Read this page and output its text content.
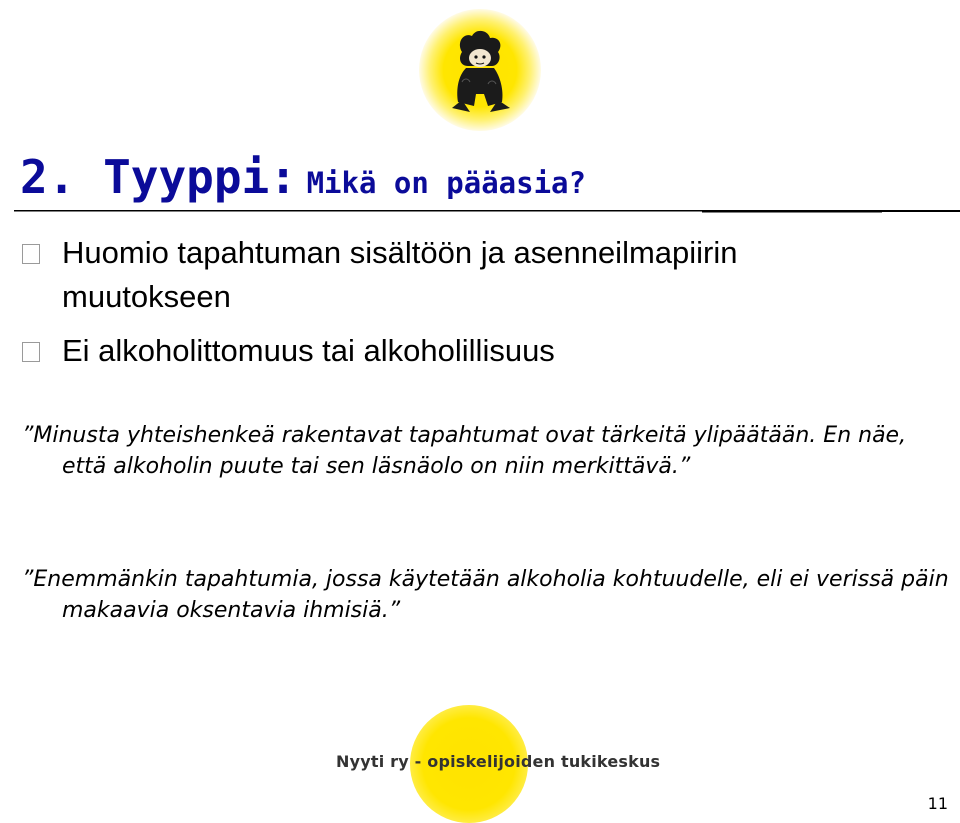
2. Tyyppi: Mikä on pääasia?
Huomio tapahtuman sisältöön ja asenneilmapiirin muutokseen
Ei alkoholittomuus tai alkoholillisuus
”Minusta yhteishenkeä rakentavat tapahtumat ovat tärkeitä ylipäätään. En näe, että alkoholin puute tai sen läsnäolo on niin merkittävä.”
”Enemmänkin tapahtumia, jossa käytetään alkoholia kohtuudelle, eli ei verissä päin makaavia oksentavia ihmisiä.”
Nyyti ry - opiskelijoiden tukikeskus
11
